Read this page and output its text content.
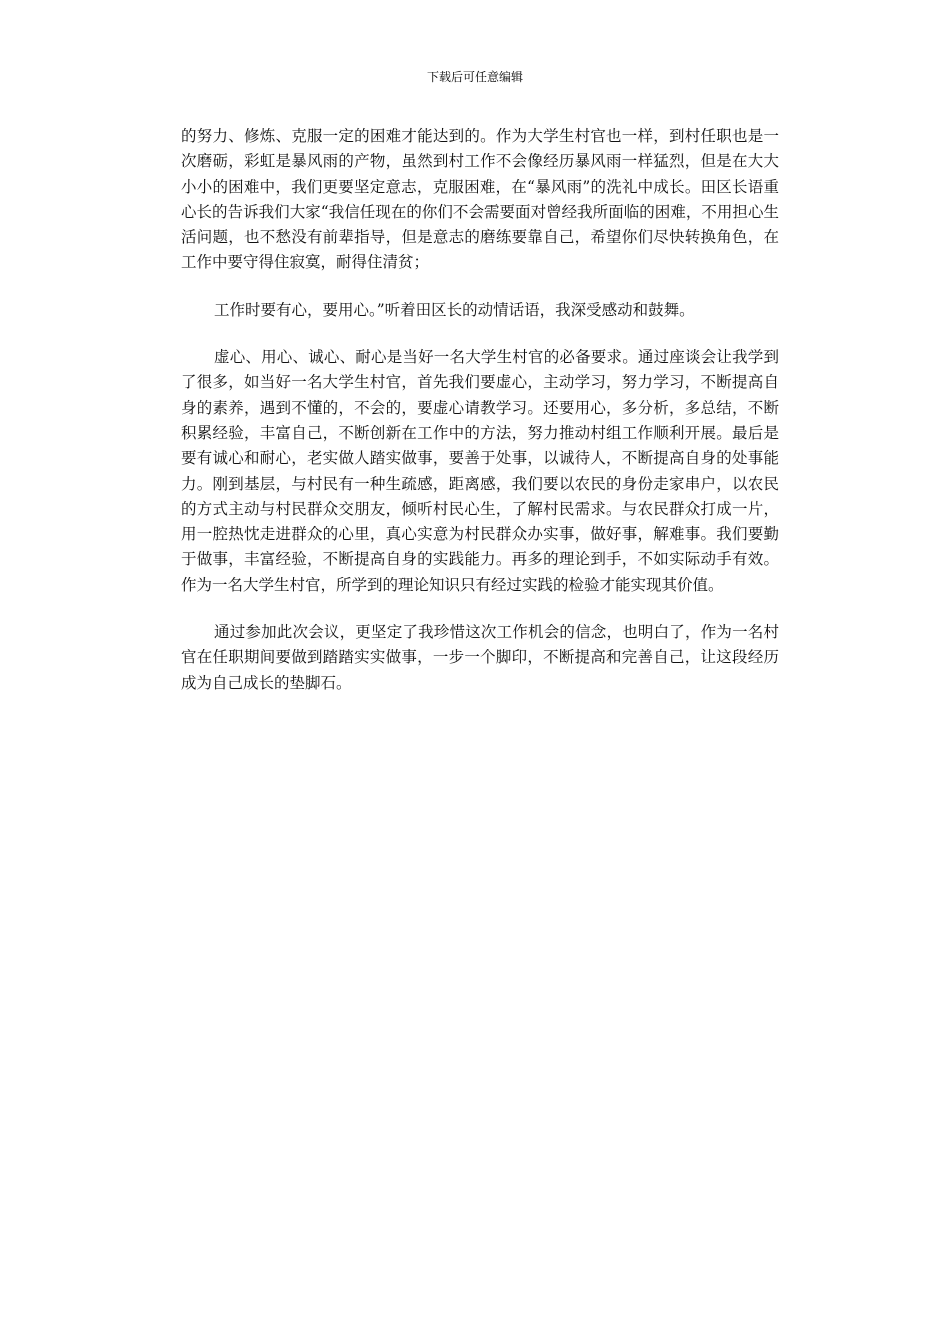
下载后可任意编辑

的努力、修炼、克服一定的困难才能达到的。作为大学生村官也一样，到村任职也是一次磨砺，彩虹是暴风雨的产物，虽然到村工作不会像经历暴风雨一样猛烈，但是在大大小小的困难中，我们更要坚定意志，克服困难，在“暴风雨”的洗礼中成长。田区长语重心长的告诉我们大家“我信任现在的你们不会需要面对曾经我所面临的困难，不用担心生活问题，也不愁没有前辈指导，但是意志的磨练要靠自己，希望你们尽快转换角色，在工作中要守得住寂寞，耐得住清贫；

工作时要有心，要用心。”听着田区长的动情话语，我深受感动和鼓舞。

虚心、用心、诚心、耐心是当好一名大学生村官的必备要求。通过座谈会让我学到了很多，如当好一名大学生村官，首先我们要虚心，主动学习，努力学习，不断提高自身的素养，遇到不懂的，不会的，要虚心请教学习。还要用心，多分析，多总结，不断积累经验，丰富自己，不断创新在工作中的方法，努力推动村组工作顺利开展。最后是要有诚心和耐心，老实做人踏实做事，要善于处事，以诚待人，不断提高自身的处事能力。刚到基层，与村民有一种生疏感，距离感，我们要以农民的身份走家串户，以农民的方式主动与村民群众交朋友，倾听村民心生，了解村民需求。与农民群众打成一片，用一腔热忱走进群众的心里，真心实意为村民群众办实事，做好事，解难事。我们要勤于做事，丰富经验，不断提高自身的实践能力。再多的理论到手，不如实际动手有效。作为一名大学生村官，所学到的理论知识只有经过实践的检验才能实现其价值。

通过参加此次会议，更坚定了我珍惜这次工作机会的信念，也明白了，作为一名村官在任职期间要做到踏踏实实做事，一步一个脚印，不断提高和完善自己，让这段经历成为自己成长的垫脚石。
